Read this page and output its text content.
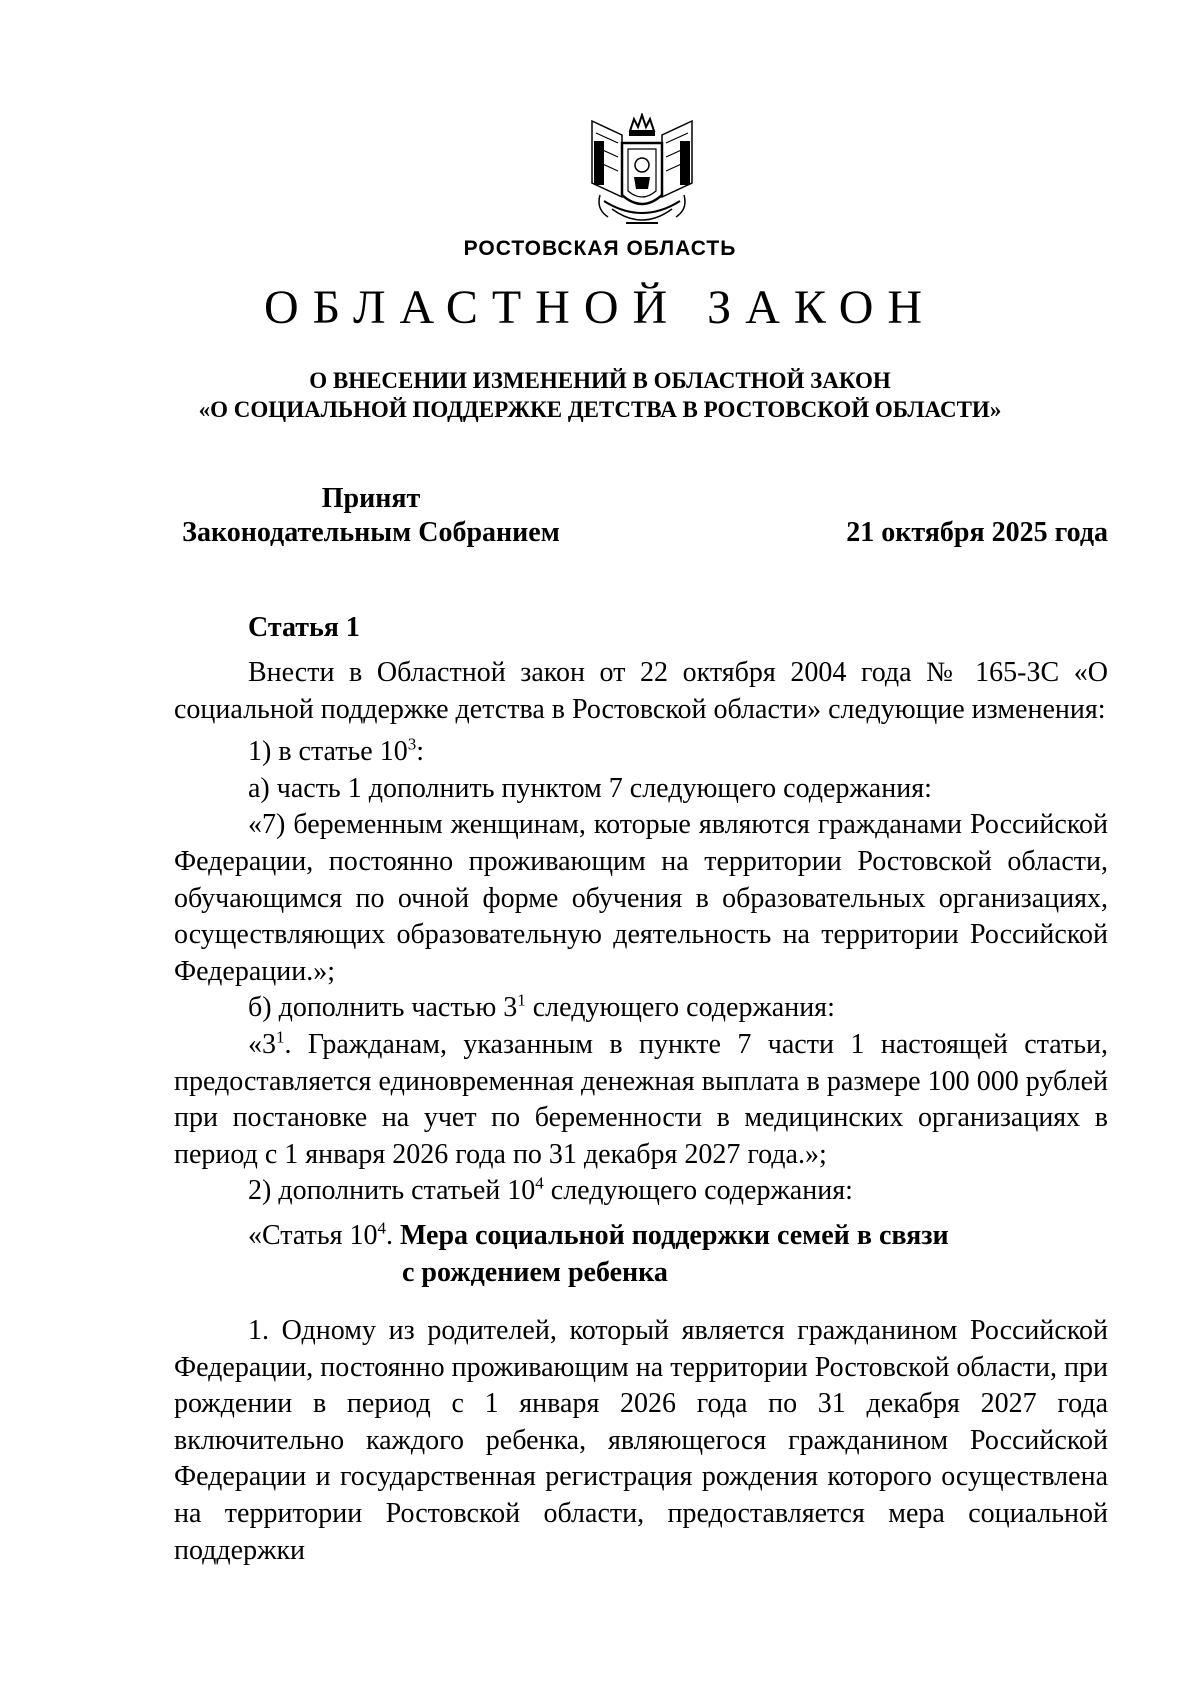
РОСТОВСКАЯ ОБЛАСТЬ
ОБЛАСТНОЙ ЗАКОН
О ВНЕСЕНИИ ИЗМЕНЕНИЙ В ОБЛАСТНОЙ ЗАКОН
«О СОЦИАЛЬНОЙ ПОДДЕРЖКЕ ДЕТСТВА В РОСТОВСКОЙ ОБЛАСТИ»
Принят
Законодательным Собранием	21 октября 2025 года
Статья 1

Внести в Областной закон от 22 октября 2004 года № 165-ЗС «О социальной поддержке детства в Ростовской области» следующие изменения:

1) в статье $10^3$:

а) часть 1 дополнить пунктом 7 следующего содержания:

«7) беременным женщинам, которые являются гражданами Российской Федерации, постоянно проживающим на территории Ростовской области, обучающимся по очной форме обучения в образовательных организациях, осуществляющих образовательную деятельность на территории Российской Федерации.»;

б) дополнить частью $3^1$ следующего содержания:

«$3^1$. Гражданам, указанным в пункте 7 части 1 настоящей статьи, предоставляется единовременная денежная выплата в размере 100 000 рублей при постановке на учет по беременности в медицинских организациях в период с 1 января 2026 года по 31 декабря 2027 года.»;

2) дополнить статьей $10^4$ следующего содержания:

«Статья $10^4$. Мера социальной поддержки семей в связи
с рождением ребенка

1. Одному из родителей, который является гражданином Российской Федерации, постоянно проживающим на территории Ростовской области, при рождении в период с 1 января 2026 года по 31 декабря 2027 года включительно каждого ребенка, являющегося гражданином Российской Федерации и государственная регистрация рождения которого осуществлена на территории Ростовской области, предоставляется мера социальной поддержки
